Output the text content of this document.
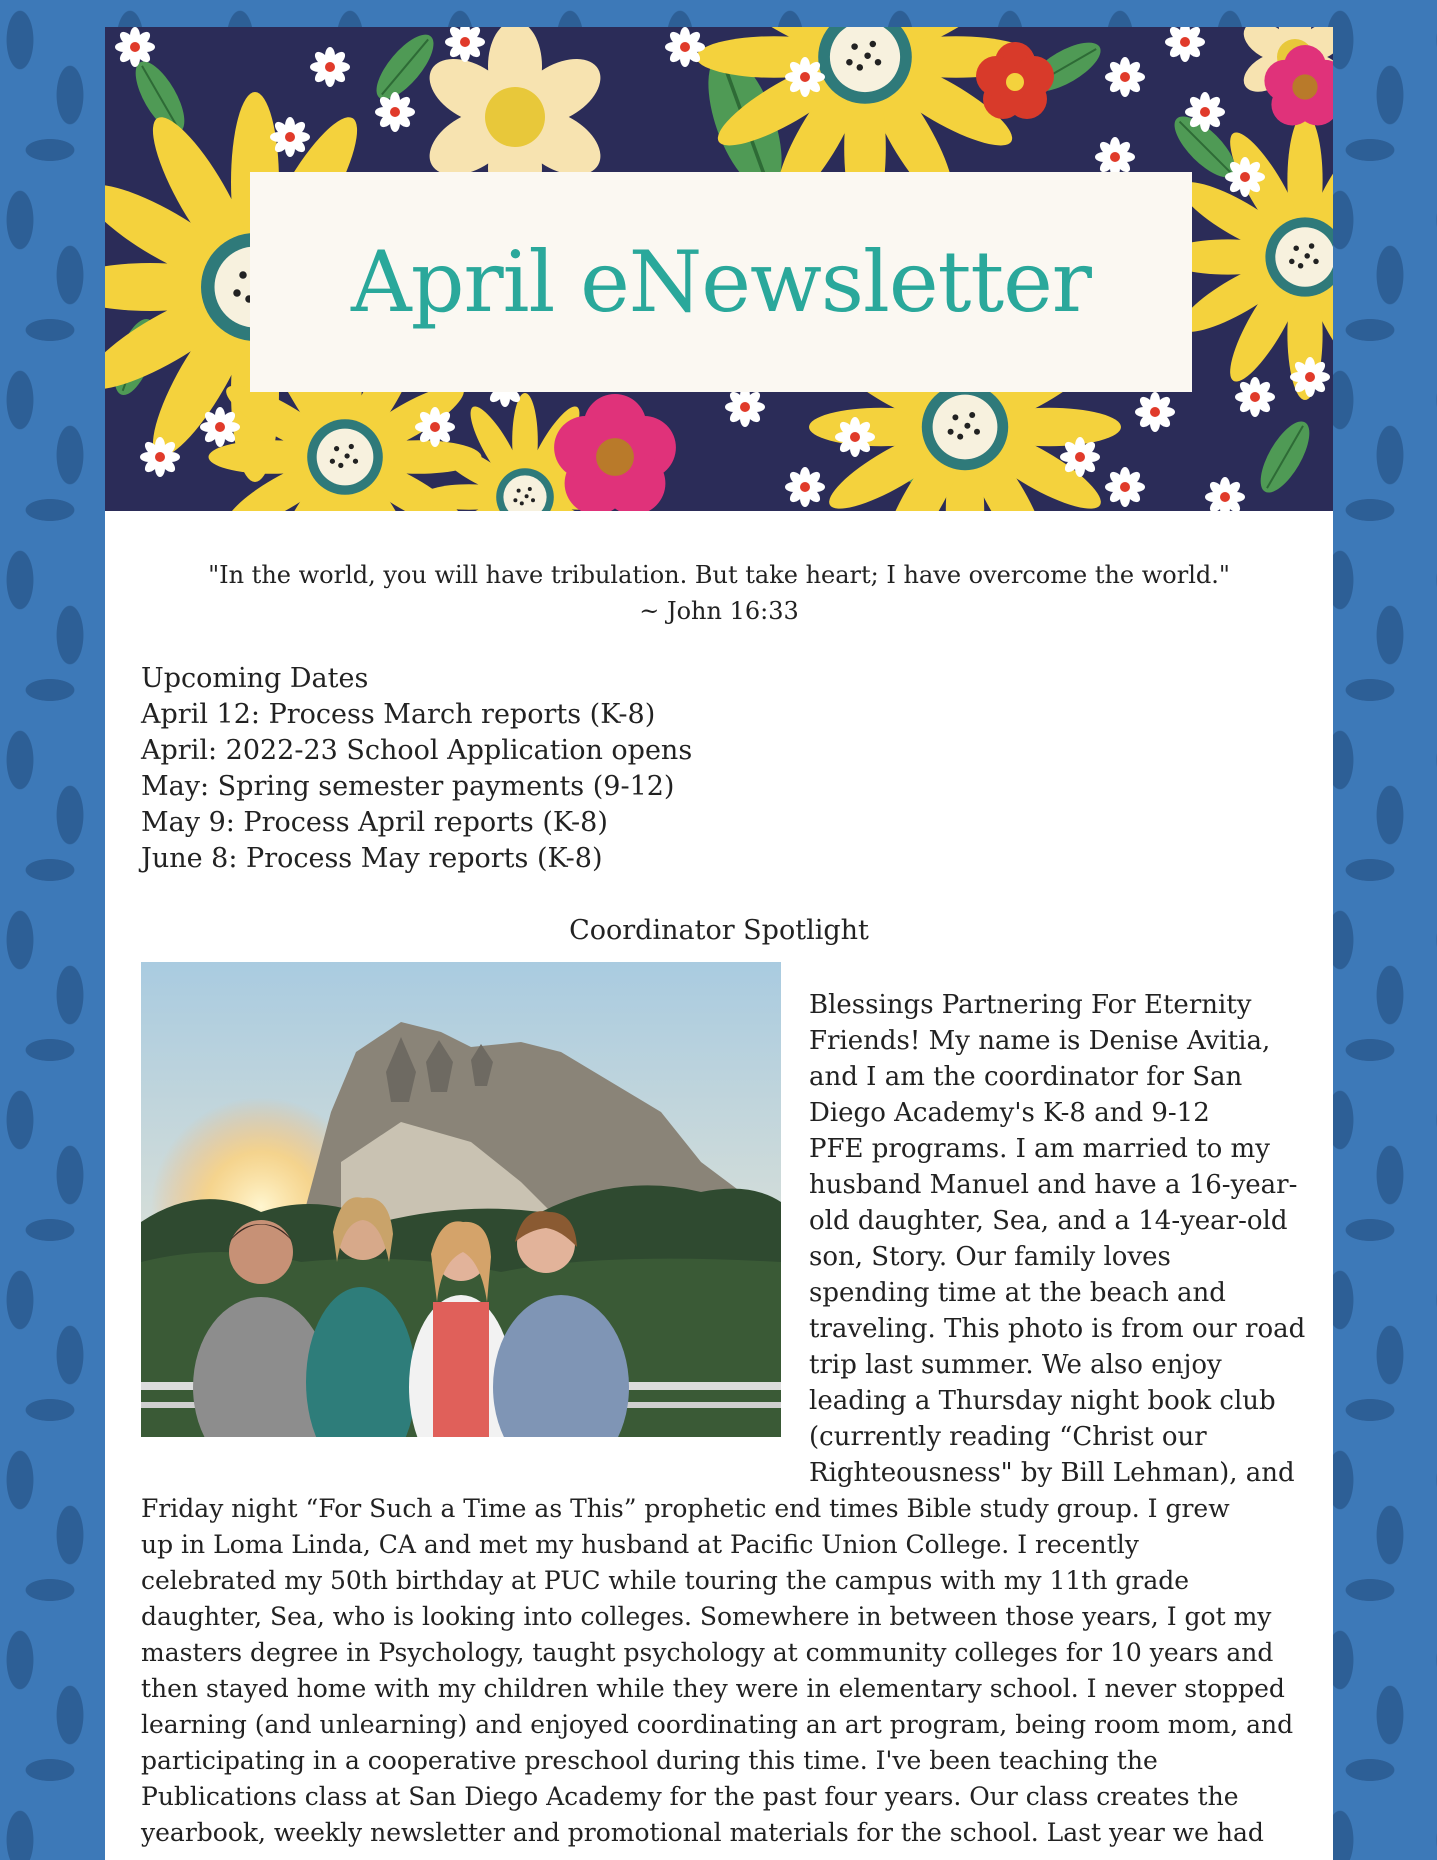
April eNewsletter
"In the world, you will have tribulation. But take heart; I have overcome the world."
~ John 16:33
Upcoming Dates
April 12: Process March reports (K-8)
April: 2022-23 School Application opens
May: Spring semester payments (9-12)
May 9: Process April reports (K-8)
June 8: Process May reports (K-8)
Coordinator Spotlight
Blessings Partnering For Eternity
Friends! My name is Denise Avitia,
and I am the coordinator for San
Diego Academy's K-8 and 9-12
PFE programs. I am married to my
husband Manuel and have a 16-year-
old daughter, Sea, and a 14-year-old
son, Story. Our family loves
spending time at the beach and
traveling. This photo is from our road
trip last summer. We also enjoy
leading a Thursday night book club
(currently reading “Christ our
Righteousness" by Bill Lehman), and
Friday night “For Such a Time as This” prophetic end times Bible study group. I grew
up in Loma Linda, CA and met my husband at Pacific Union College. I recently
celebrated my 50th birthday at PUC while touring the campus with my 11th grade
daughter, Sea, who is looking into colleges. Somewhere in between those years, I got my
masters degree in Psychology, taught psychology at community colleges for 10 years and
then stayed home with my children while they were in elementary school. I never stopped
learning (and unlearning) and enjoyed coordinating an art program, being room mom, and
participating in a cooperative preschool during this time. I've been teaching the
Publications class at San Diego Academy for the past four years. Our class creates the
yearbook, weekly newsletter and promotional materials for the school. Last year we had
